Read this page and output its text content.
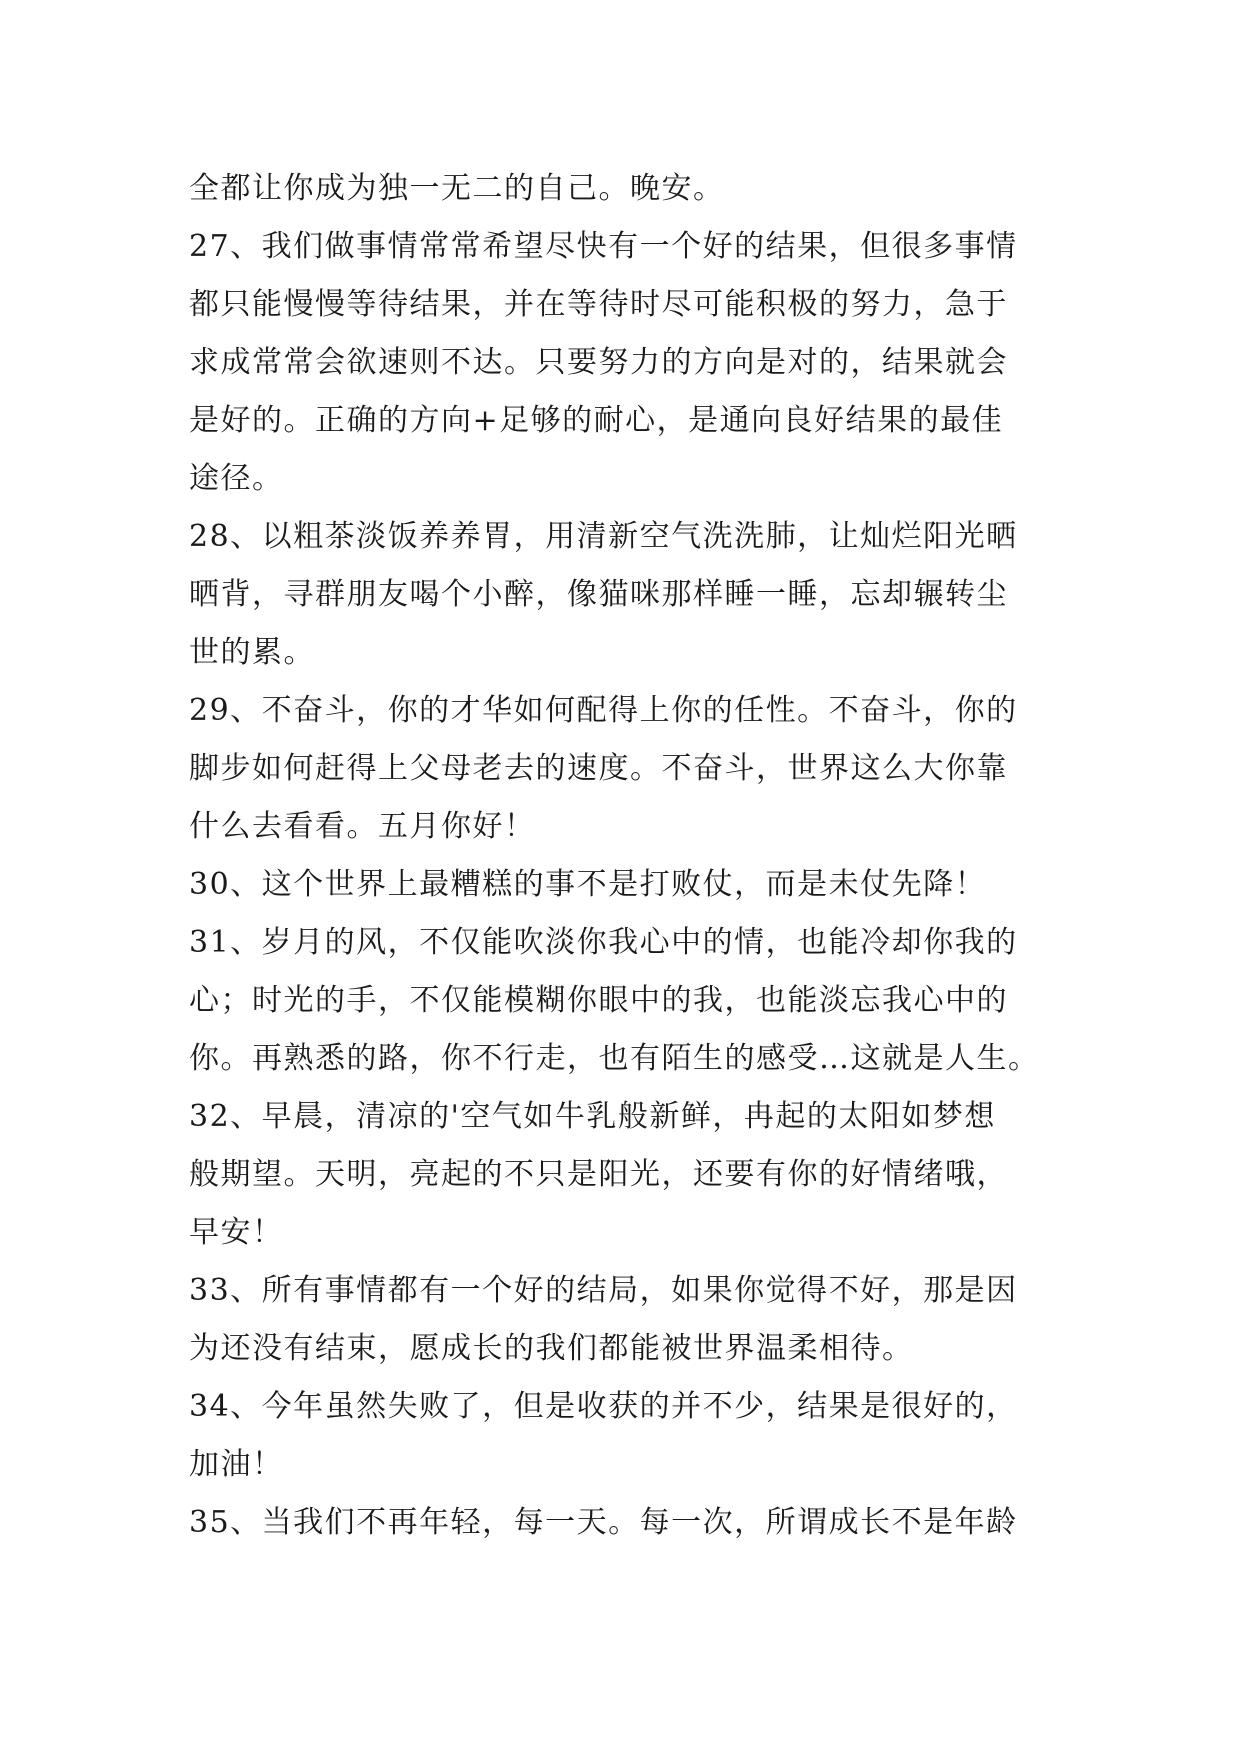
全都让你成为独一无二的自己。晚安。
27、我们做事情常常希望尽快有一个好的结果，但很多事情
都只能慢慢等待结果，并在等待时尽可能积极的努力，急于
求成常常会欲速则不达。只要努力的方向是对的，结果就会
是好的。正确的方向+足够的耐心，是通向良好结果的最佳
途径。
28、以粗茶淡饭养养胃，用清新空气洗洗肺，让灿烂阳光晒
晒背，寻群朋友喝个小醉，像猫咪那样睡一睡，忘却辗转尘
世的累。
29、不奋斗，你的才华如何配得上你的任性。不奋斗，你的
脚步如何赶得上父母老去的速度。不奋斗，世界这么大你靠
什么去看看。五月你好！
30、这个世界上最糟糕的事不是打败仗，而是未仗先降！
31、岁月的风，不仅能吹淡你我心中的情，也能冷却你我的
心；时光的手，不仅能模糊你眼中的我，也能淡忘我心中的
你。再熟悉的路，你不行走，也有陌生的感受…这就是人生。
32、早晨，清凉的'空气如牛乳般新鲜，冉起的太阳如梦想
般期望。天明，亮起的不只是阳光，还要有你的好情绪哦，
早安！
33、所有事情都有一个好的结局，如果你觉得不好，那是因
为还没有结束，愿成长的我们都能被世界温柔相待。
34、今年虽然失败了，但是收获的并不少，结果是很好的，
加油！
35、当我们不再年轻，每一天。每一次，所谓成长不是年龄
